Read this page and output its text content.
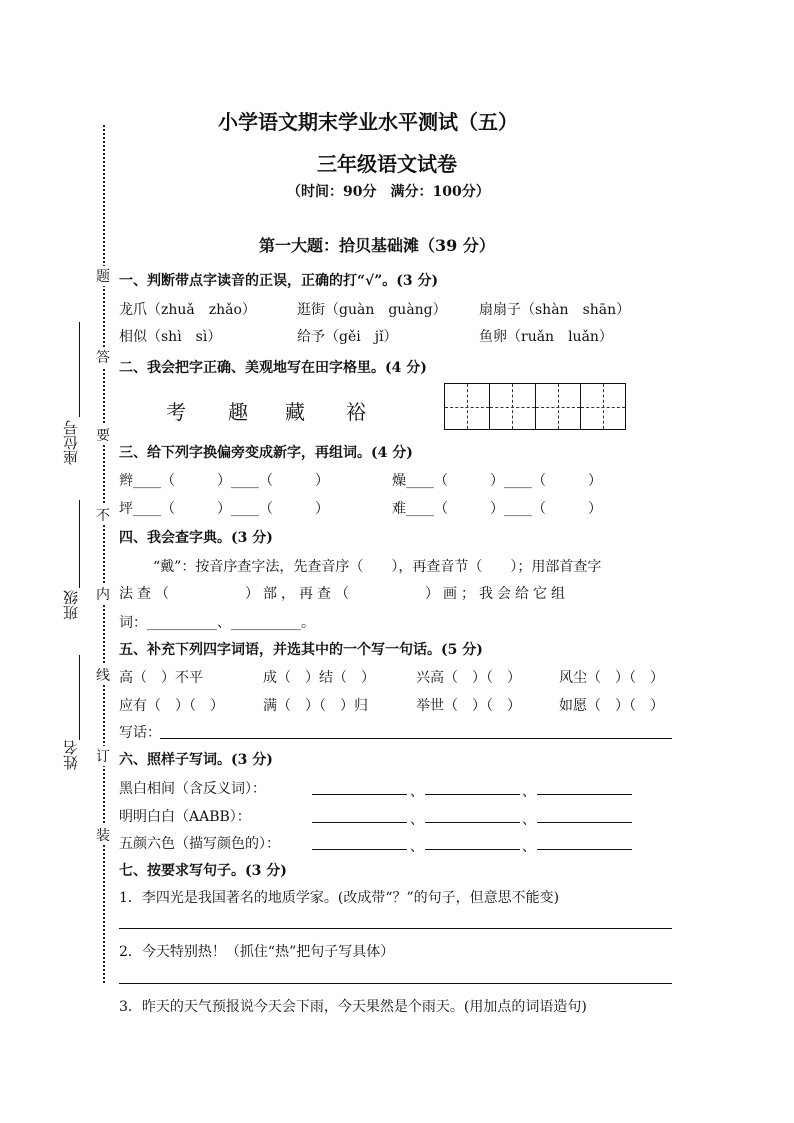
小学语文期末学业水平测试（五）
三年级语文试卷
（时间：90分　满分：100分）
座位号
班级
姓名
题
答
要
不
内
线
订
装
第一大题：拾贝基础滩（39 分）
一、判断带点字读音的正误，正确的打“√”。(3 分)
龙爪（zhuǎ　zhǎo）	逛街（guàn　guàng） 扇扇子（shàn　shān）
相似（shì　sì）	给予（gěi　jǐ）	鱼卵（ruǎn　luǎn）
二、我会把字正确、美观地写在田字格里。(4 分)
考 趣 藏 裕
三、给下列字换偏旁变成新字，再组词。(4 分)
辫____（　　　）____（　　　）	燥____（　　　）____（　　　）
坪____（　　　）____（　　　）	难____（　　　）____（　　　）
四、我会查字典。(3 分)
“戴”：按音序查字法，先查音序（　　），再查音节（　　）；用部首查字
法查（　　　　）部，再查（　　　　）画；我会给它组
词：__________、__________。
五、补充下列四字词语，并选其中的一个写一句话。(5 分)
高（　）不平	成（　）结（　）	兴高（　）（　）	风尘（　）（　）
应有（　）（　）	满（　）（　）归	举世（　）（　）	如愿（　）（　）
写话：
六、照样子写词。(3 分)
黑白相间（含反义词）：	、	、
明明白白（AABB）：	、	、
五颜六色（描写颜色的）：	、	、
七、按要求写句子。(3 分)
1．李四光是我国著名的地质学家。(改成带“？”的句子，但意思不能变)
2．今天特别热！（抓住“热”把句子写具体）
3．昨天的天气预报说今天会下雨，今天果然是个雨天。(用加点的词语造句)
